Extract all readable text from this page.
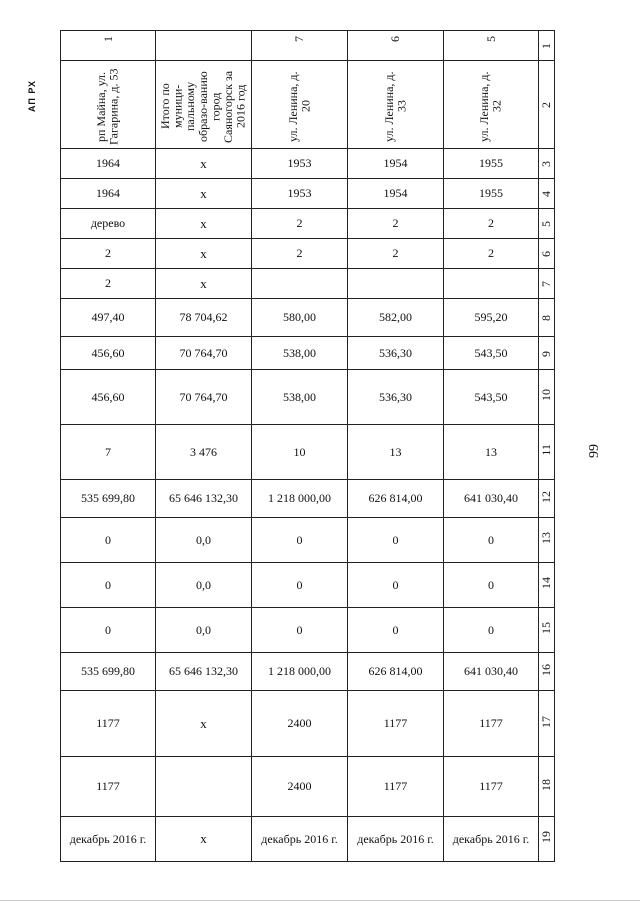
АП РХ
99
1		7	6	5	1

рп Майна, ул. Гагарина, д. 53	Итого по муници-пальному образо-ванию город Саяногорск за 2016 год	ул. Ленина, д. 20	ул. Ленина, д. 33	ул. Ленина, д. 32	2
1964	x	1953	1954	1955	3
1964	x	1953	1954	1955	4
дерево	x	2	2	2	5
2	x	2	2	2	6
2	x				7
497,40	78 704,62	580,00	582,00	595,20	8
456,60	70 764,70	538,00	536,30	543,50	9
456,60	70 764,70	538,00	536,30	543,50	10
7	3 476	10	13	13	11
535 699,80	65 646 132,30	1 218 000,00	626 814,00	641 030,40	12
0	0,0	0	0	0	13
0	0,0	0	0	0	14
0	0,0	0	0	0	15
535 699,80	65 646 132,30	1 218 000,00	626 814,00	641 030,40	16
1177	x	2400	1177	1177	17
1177		2400	1177	1177	18
декабрь 2016 г.	x	декабрь 2016 г.	декабрь 2016 г.	декабрь 2016 г.	19
